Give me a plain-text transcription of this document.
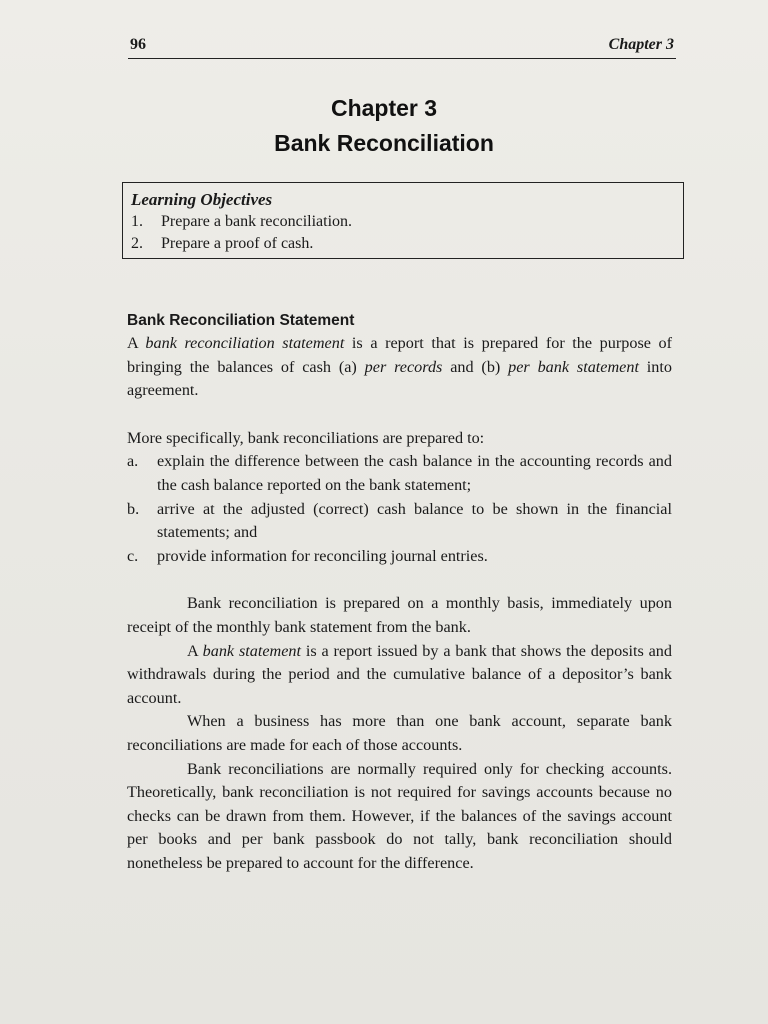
96	Chapter 3
Chapter 3
Bank Reconciliation
Learning Objectives
1. Prepare a bank reconciliation.
2. Prepare a proof of cash.
Bank Reconciliation Statement

A bank reconciliation statement is a report that is prepared for the purpose of bringing the balances of cash (a) per records and (b) per bank statement into agreement.

More specifically, bank reconciliations are prepared to:

a. explain the difference between the cash balance in the accounting records and the cash balance reported on the bank statement;
b. arrive at the adjusted (correct) cash balance to be shown in the financial statements; and
c. provide information for reconciling journal entries.

Bank reconciliation is prepared on a monthly basis, immediately upon receipt of the monthly bank statement from the bank.

A bank statement is a report issued by a bank that shows the deposits and withdrawals during the period and the cumulative balance of a depositor’s bank account.

When a business has more than one bank account, separate bank reconciliations are made for each of those accounts.

Bank reconciliations are normally required only for checking accounts. Theoretically, bank reconciliation is not required for savings accounts because no checks can be drawn from them. However, if the balances of the savings account per books and per bank passbook do not tally, bank reconciliation should nonetheless be prepared to account for the difference.
